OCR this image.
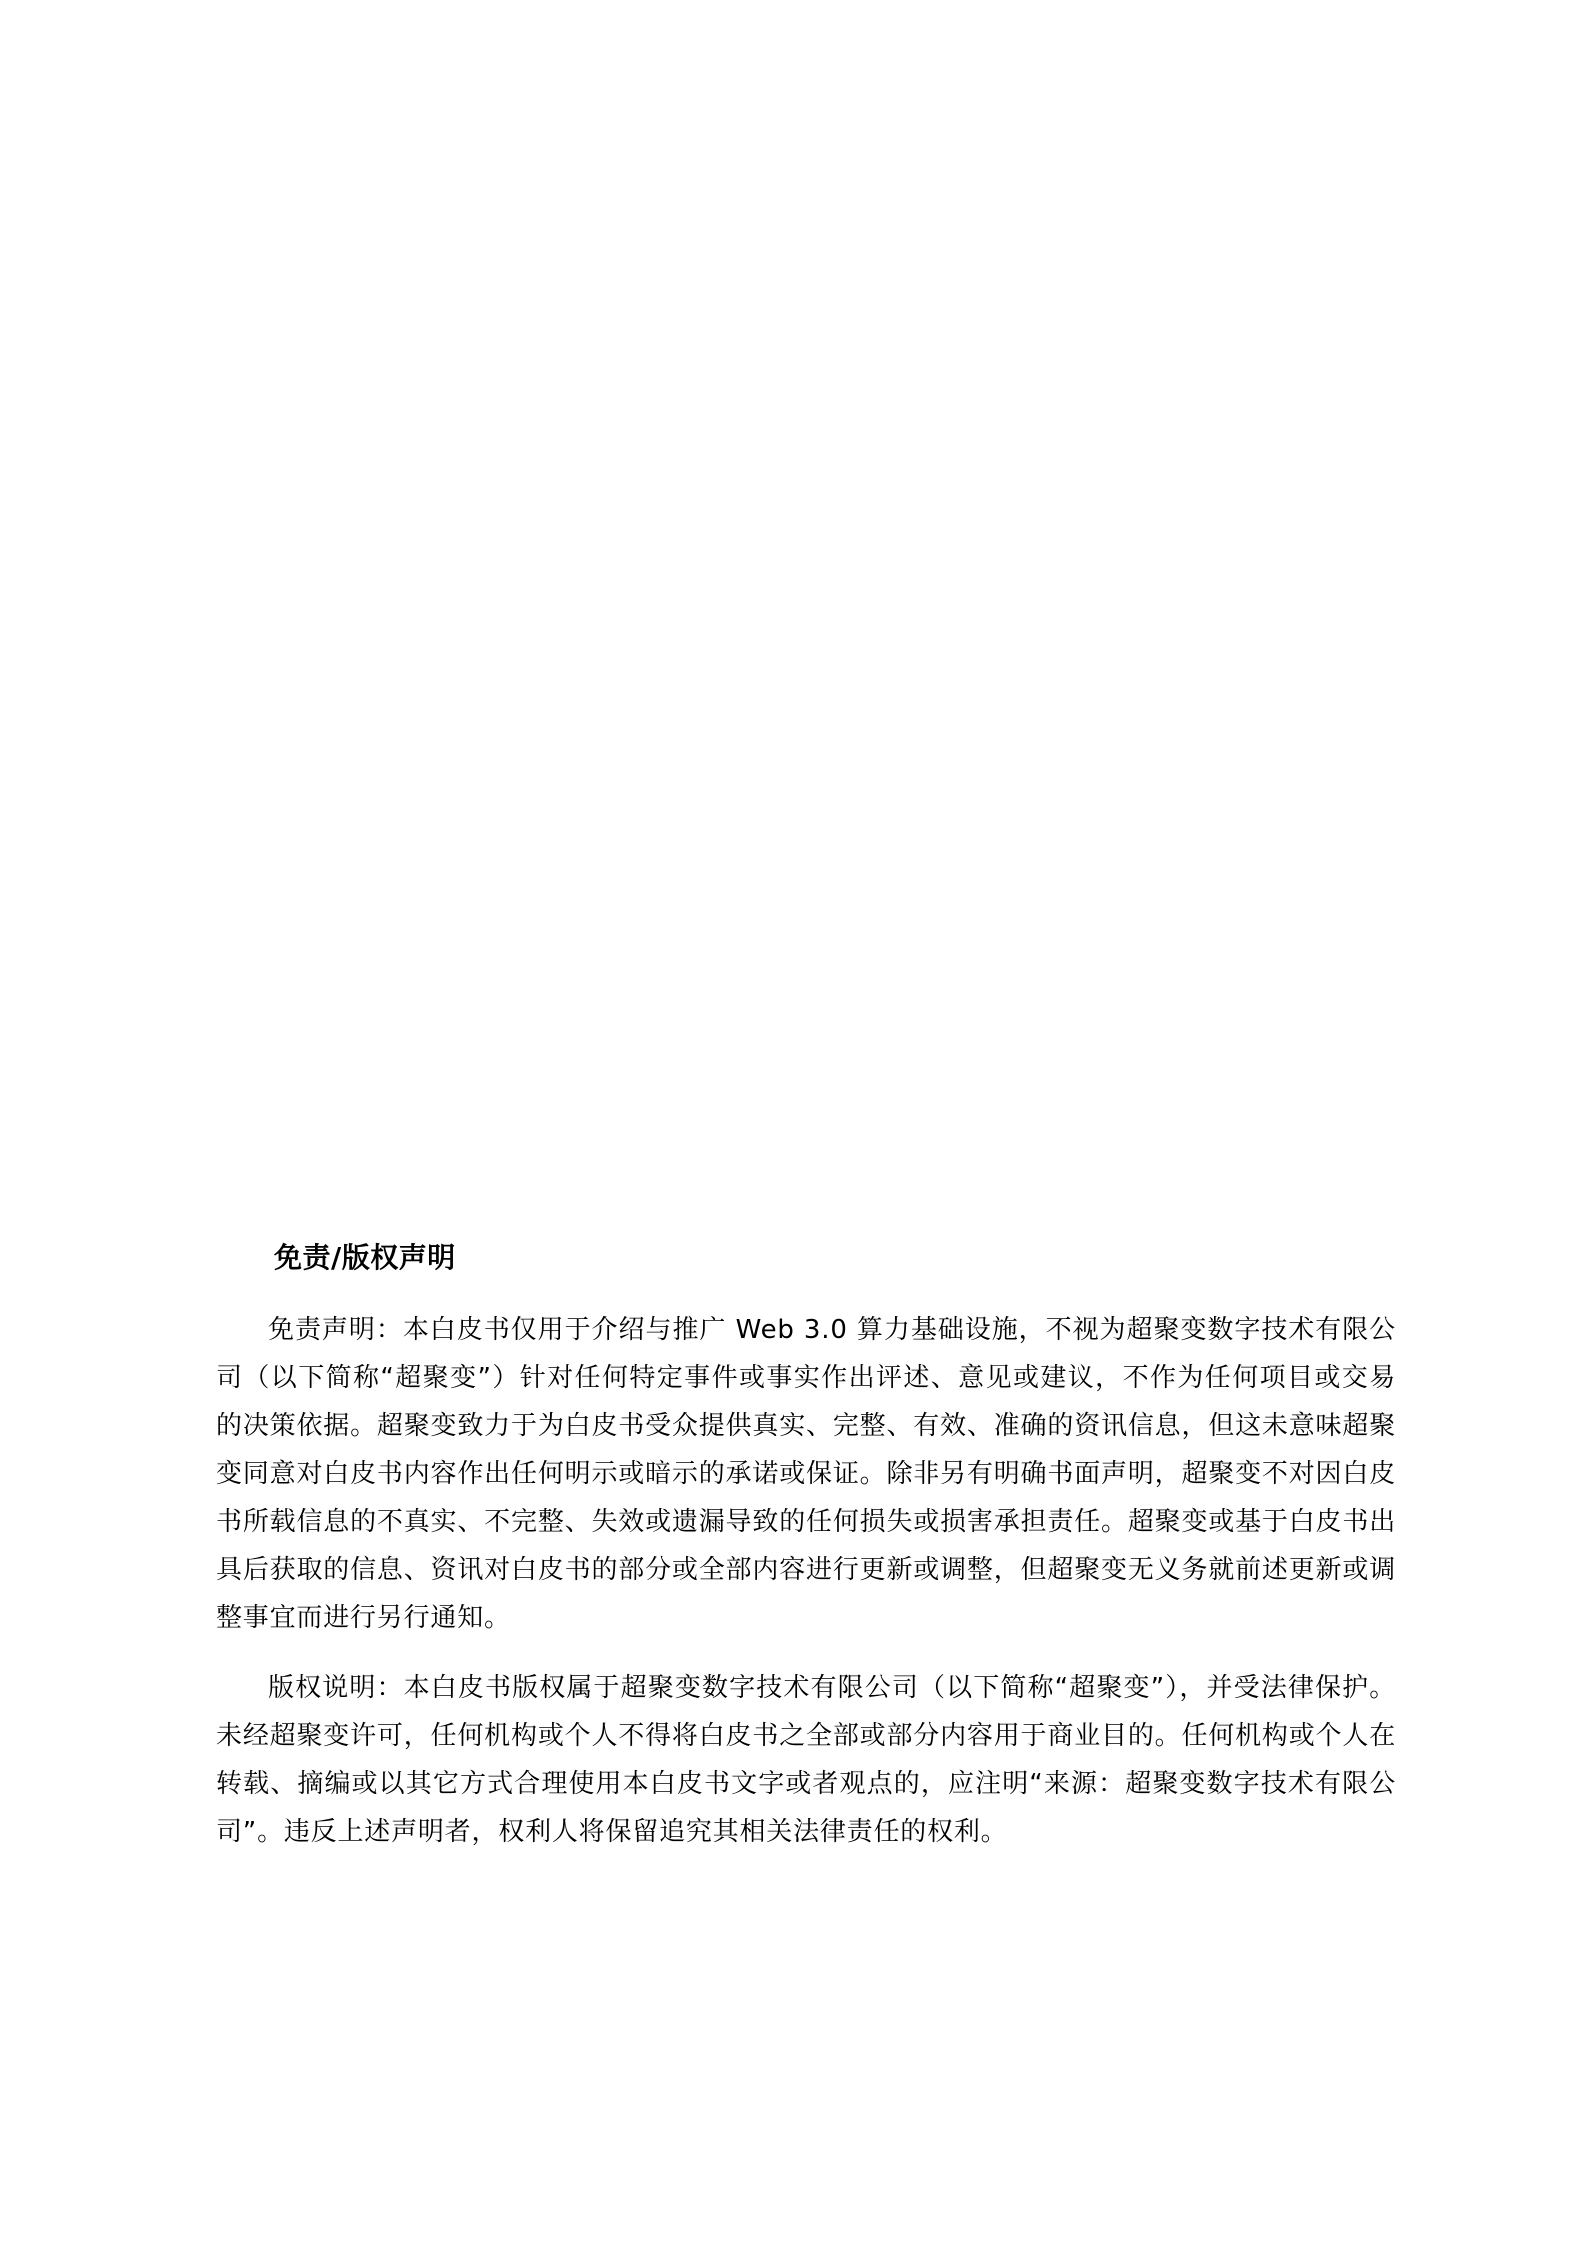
免责/版权声明

免责声明：本白皮书仅用于介绍与推广 Web 3.0 算力基础设施，不视为超聚变数字技术有限公司（以下简称“超聚变”）针对任何特定事件或事实作出评述、意见或建议，不作为任何项目或交易的决策依据。超聚变致力于为白皮书受众提供真实、完整、有效、准确的资讯信息，但这未意味超聚变同意对白皮书内容作出任何明示或暗示的承诺或保证。除非另有明确书面声明，超聚变不对因白皮书所载信息的不真实、不完整、失效或遗漏导致的任何损失或损害承担责任。超聚变或基于白皮书出具后获取的信息、资讯对白皮书的部分或全部内容进行更新或调整，但超聚变无义务就前述更新或调整事宜而进行另行通知。

版权说明：本白皮书版权属于超聚变数字技术有限公司（以下简称“超聚变”），并受法律保护。未经超聚变许可，任何机构或个人不得将白皮书之全部或部分内容用于商业目的。任何机构或个人在转载、摘编或以其它方式合理使用本白皮书文字或者观点的，应注明“来源：超聚变数字技术有限公司”。违反上述声明者，权利人将保留追究其相关法律责任的权利。
